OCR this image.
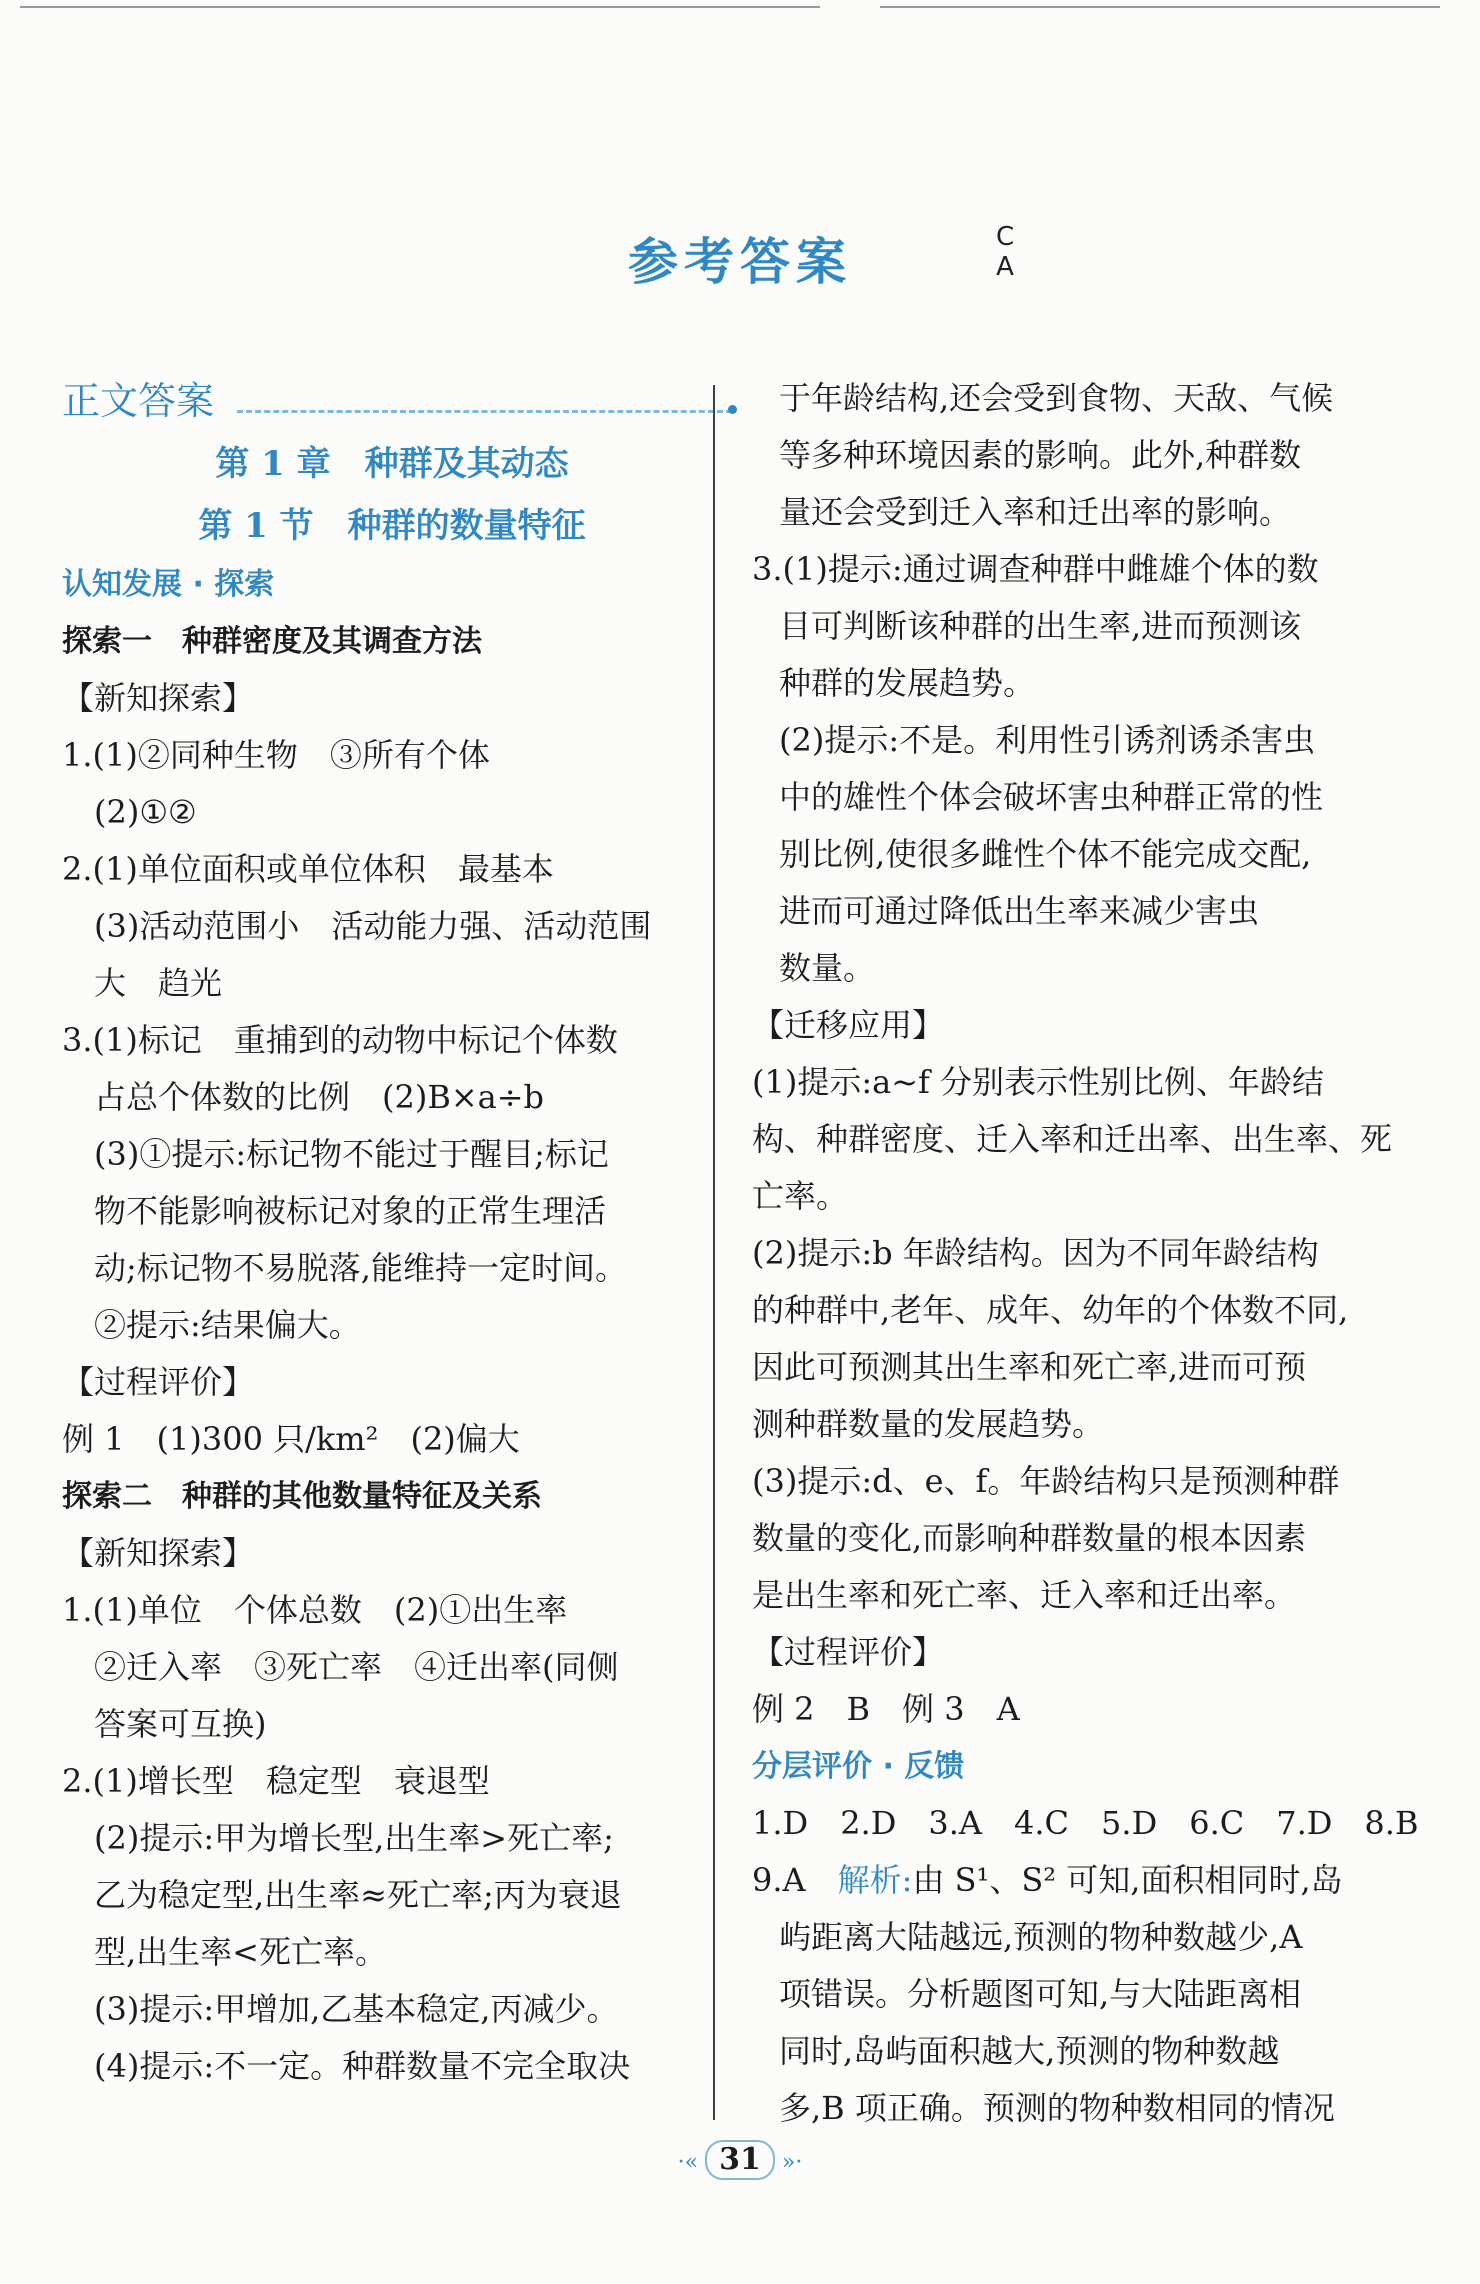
参考答案	C
A
正文答案
第 1 章　种群及其动态
第 1 节　种群的数量特征
认知发展 · 探索
探索一　种群密度及其调查方法
【新知探索】
1.(1)②同种生物　③所有个体
(2)①②
2.(1)单位面积或单位体积　最基本
(3)活动范围小　活动能力强、活动范围
大　趋光
3.(1)标记　重捕到的动物中标记个体数
占总个体数的比例　(2)B×a÷b
(3)①提示:标记物不能过于醒目;标记
物不能影响被标记对象的正常生理活
动;标记物不易脱落,能维持一定时间。
②提示:结果偏大。
【过程评价】
例 1　(1)300 只/km²　(2)偏大
探索二　种群的其他数量特征及关系
【新知探索】
1.(1)单位　个体总数　(2)①出生率
②迁入率　③死亡率　④迁出率(同侧
答案可互换)
2.(1)增长型　稳定型　衰退型
(2)提示:甲为增长型,出生率>死亡率;
乙为稳定型,出生率≈死亡率;丙为衰退
型,出生率<死亡率。
(3)提示:甲增加,乙基本稳定,丙减少。
(4)提示:不一定。种群数量不完全取决
于年龄结构,还会受到食物、天敌、气候
等多种环境因素的影响。此外,种群数
量还会受到迁入率和迁出率的影响。
3.(1)提示:通过调查种群中雌雄个体的数
目可判断该种群的出生率,进而预测该
种群的发展趋势。
(2)提示:不是。利用性引诱剂诱杀害虫
中的雄性个体会破坏害虫种群正常的性
别比例,使很多雌性个体不能完成交配,
进而可通过降低出生率来减少害虫
数量。
【迁移应用】
(1)提示:a~f 分别表示性别比例、年龄结
构、种群密度、迁入率和迁出率、出生率、死
亡率。
(2)提示:b 年龄结构。因为不同年龄结构
的种群中,老年、成年、幼年的个体数不同,
因此可预测其出生率和死亡率,进而可预
测种群数量的发展趋势。
(3)提示:d、e、f。年龄结构只是预测种群
数量的变化,而影响种群数量的根本因素
是出生率和死亡率、迁入率和迁出率。
【过程评价】
例 2　B　例 3　A
分层评价 · 反馈
1.D　2.D　3.A　4.C　5.D　6.C　7.D　8.B
9.A　解析:由 S¹、S² 可知,面积相同时,岛
屿距离大陆越远,预测的物种数越少,A
项错误。分析题图可知,与大陆距离相
同时,岛屿面积越大,预测的物种数越
多,B 项正确。预测的物种数相同的情况
·« 31 »·
